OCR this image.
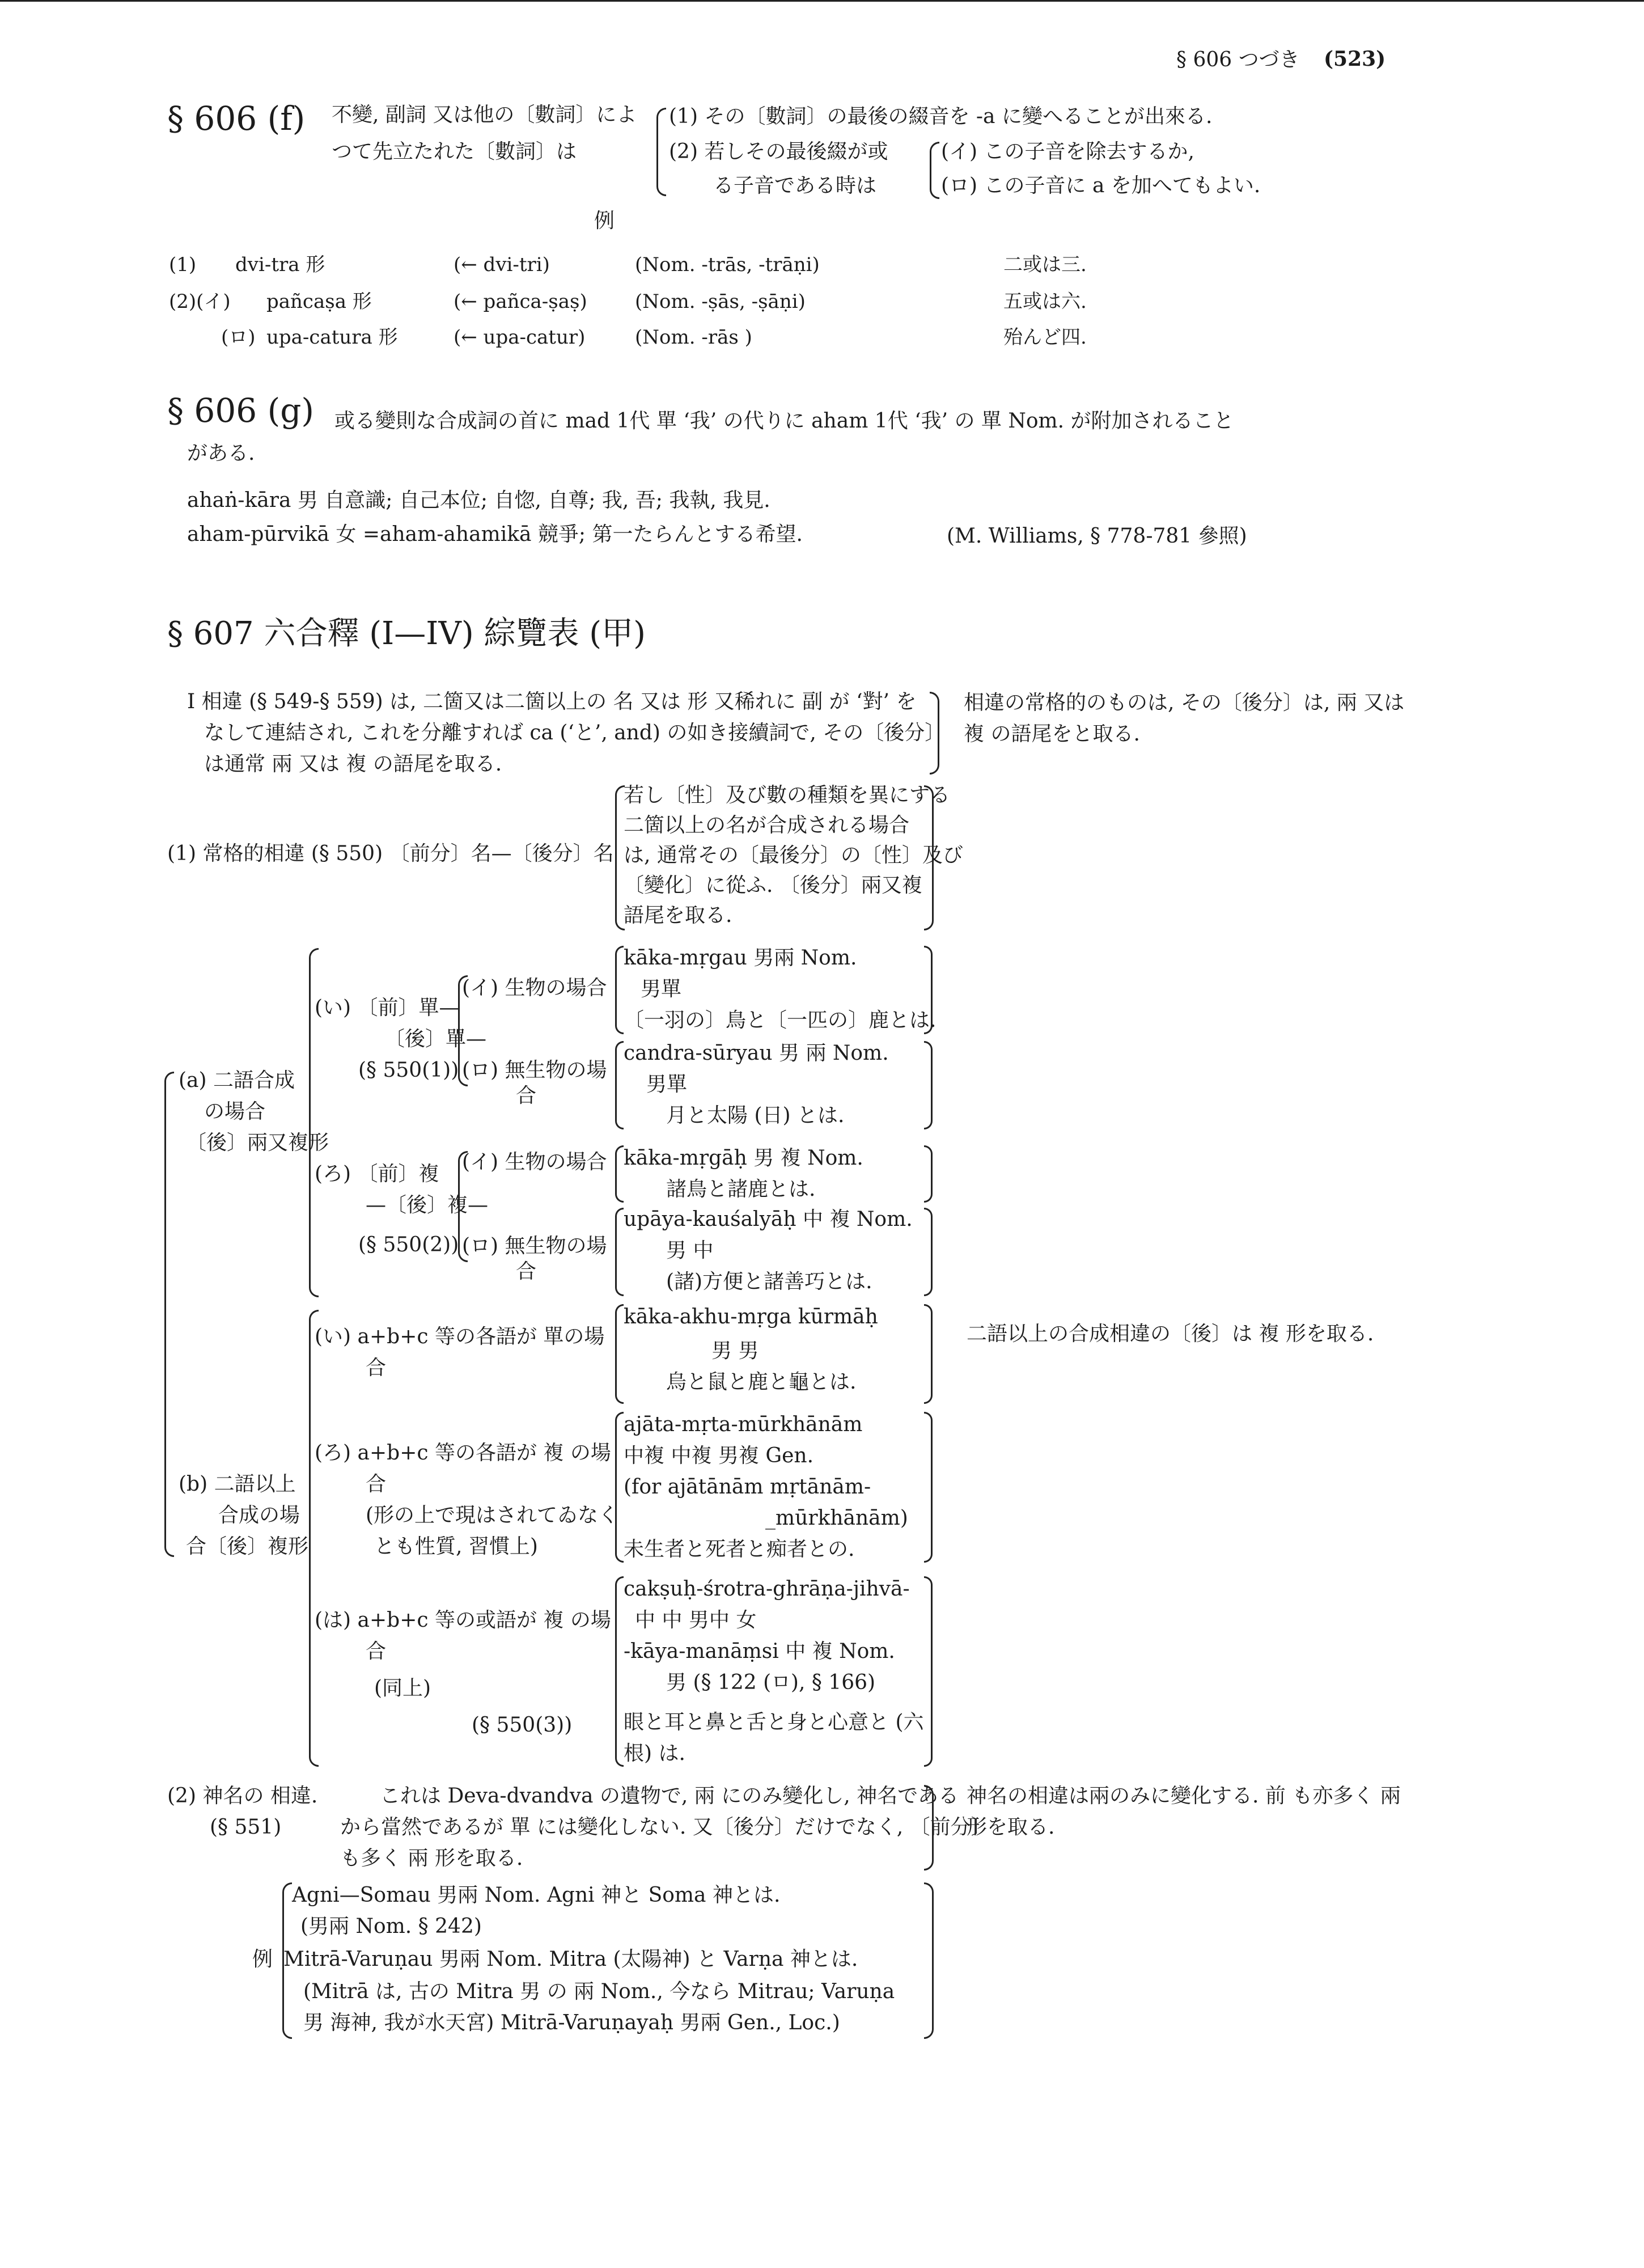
§ 606 つづき (523)
§ 606 (f) 不變, 副詞 又は他の〔數詞〕によ
つて先立たれた〔數詞〕は
(1) その〔數詞〕の最後の綴音を -a に變へることが出來る.
(2) 若しその最後綴が或
る子音である時は
(イ) この子音を除去するか,
(ロ) この子音に a を加へてもよい.
例
(1) dvi-tra 形	(← dvi-tri)	(Nom. -trās, -trāṇi)	二或は三.
(2)(イ) pañcaṣa 形	(← pañca-ṣaṣ) (Nom. -ṣās, -ṣāṇi)	五或は六.
(ロ) upa-catura 形	(← upa-catur)	(Nom. -rās )	殆んど四.
§ 606 (g) 或る變則な合成詞の首に mad 1代 單 ‘我’ の代りに aham 1代 ‘我’ の 單 Nom. が附加されること
がある.
ahaṅ-kāra 男 自意識; 自己本位; 自惚, 自尊; 我, 吾; 我執, 我見.
aham-pūrvikā 女 =aham-ahamikā 競爭; 第一たらんとする希望.	(M. Williams, § 778-781 參照)
§ 607 六合釋 (I—IV) 綜覽表 (甲)
I 相違 (§ 549-§ 559) は, 二箇又は二箇以上の 名 又は 形 又稀れに 副 が ‘對’ を
なして連結され, これを分離すれば ca (‘と’, and) の如き接續詞で, その〔後分〕
は通常 兩 又は 複 の語尾を取る.
相違の常格的のものは, その〔後分〕は, 兩 又は
複 の語尾をと取る.
(1) 常格的相違 (§ 550) 〔前分〕名—〔後分〕名
若し〔性〕及び數の種類を異にする
二箇以上の名が合成される場合
は, 通常その〔最後分〕の〔性〕及び
〔變化〕に從ふ. 〔後分〕兩又複
語尾を取る.
(a) 二語合成
の場合
〔後〕兩又複形
(い) 〔前〕單—
〔後〕單—
(§ 550(1))
(イ) 生物の場合
(ロ) 無生物の場
合
kāka-mṛgau 男兩 Nom.
男單
〔一羽の〕鳥と〔一匹の〕鹿とは.
candra-sūryau 男 兩 Nom.
男單
月と太陽 (日) とは.
(ろ) 〔前〕複
—〔後〕複—
(§ 550(2))
(イ) 生物の場合
(ロ) 無生物の場
合
kāka-mṛgāḥ 男 複 Nom.
諸鳥と諸鹿とは.
upāya-kauśalyāḥ 中 複 Nom.
男 中
(諸)方便と諸善巧とは.
(b) 二語以上
合成の場
合〔後〕複形
(い) a+b+c 等の各語が 單の場
合
kāka-akhu-mṛga kūrmāḥ
男 男
烏と鼠と鹿と龜とは.
二語以上の合成相違の〔後〕は 複 形を取る.
(ろ) a+b+c 等の各語が 複 の場
合
(形の上で現はされてゐなく
とも性質, 習慣上)
ajāta-mṛta-mūrkhānām
中複 中複 男複 Gen.
(for ajātānām mṛtānām-
_mūrkhānām)
未生者と死者と痴者との.
(は) a+b+c 等の或語が 複 の場
合
(同上)
(§ 550(3))
cakṣuḥ-śrotra-ghrāṇa-jihvā-
中 中 男中 女
-kāya-manāṃsi 中 複 Nom.
男 (§ 122 (ㅁ), § 166)
眼と耳と鼻と舌と身と心意と (六
根) は.
(2) 神名の 相違.
(§ 551)
これは Deva-dvandva の遺物で, 兩 にのみ變化し, 神名である
から當然であるが 單 には變化しない. 又〔後分〕だけでなく, 〔前分〕
も多く 兩 形を取る.
神名の相違は兩のみに變化する. 前 も亦多く 兩
形を取る.
例
Agni—Somau 男兩 Nom. Agni 神と Soma 神とは.
(男兩 Nom. § 242)
Mitrā-Varuṇau 男兩 Nom. Mitra (太陽神) と Varṇa 神とは.
(Mitrā は, 古の Mitra 男 の 兩 Nom., 今なら Mitrau; Varuṇa
男 海神, 我が水天宮) Mitrā-Varuṇayaḥ 男兩 Gen., Loc.)
